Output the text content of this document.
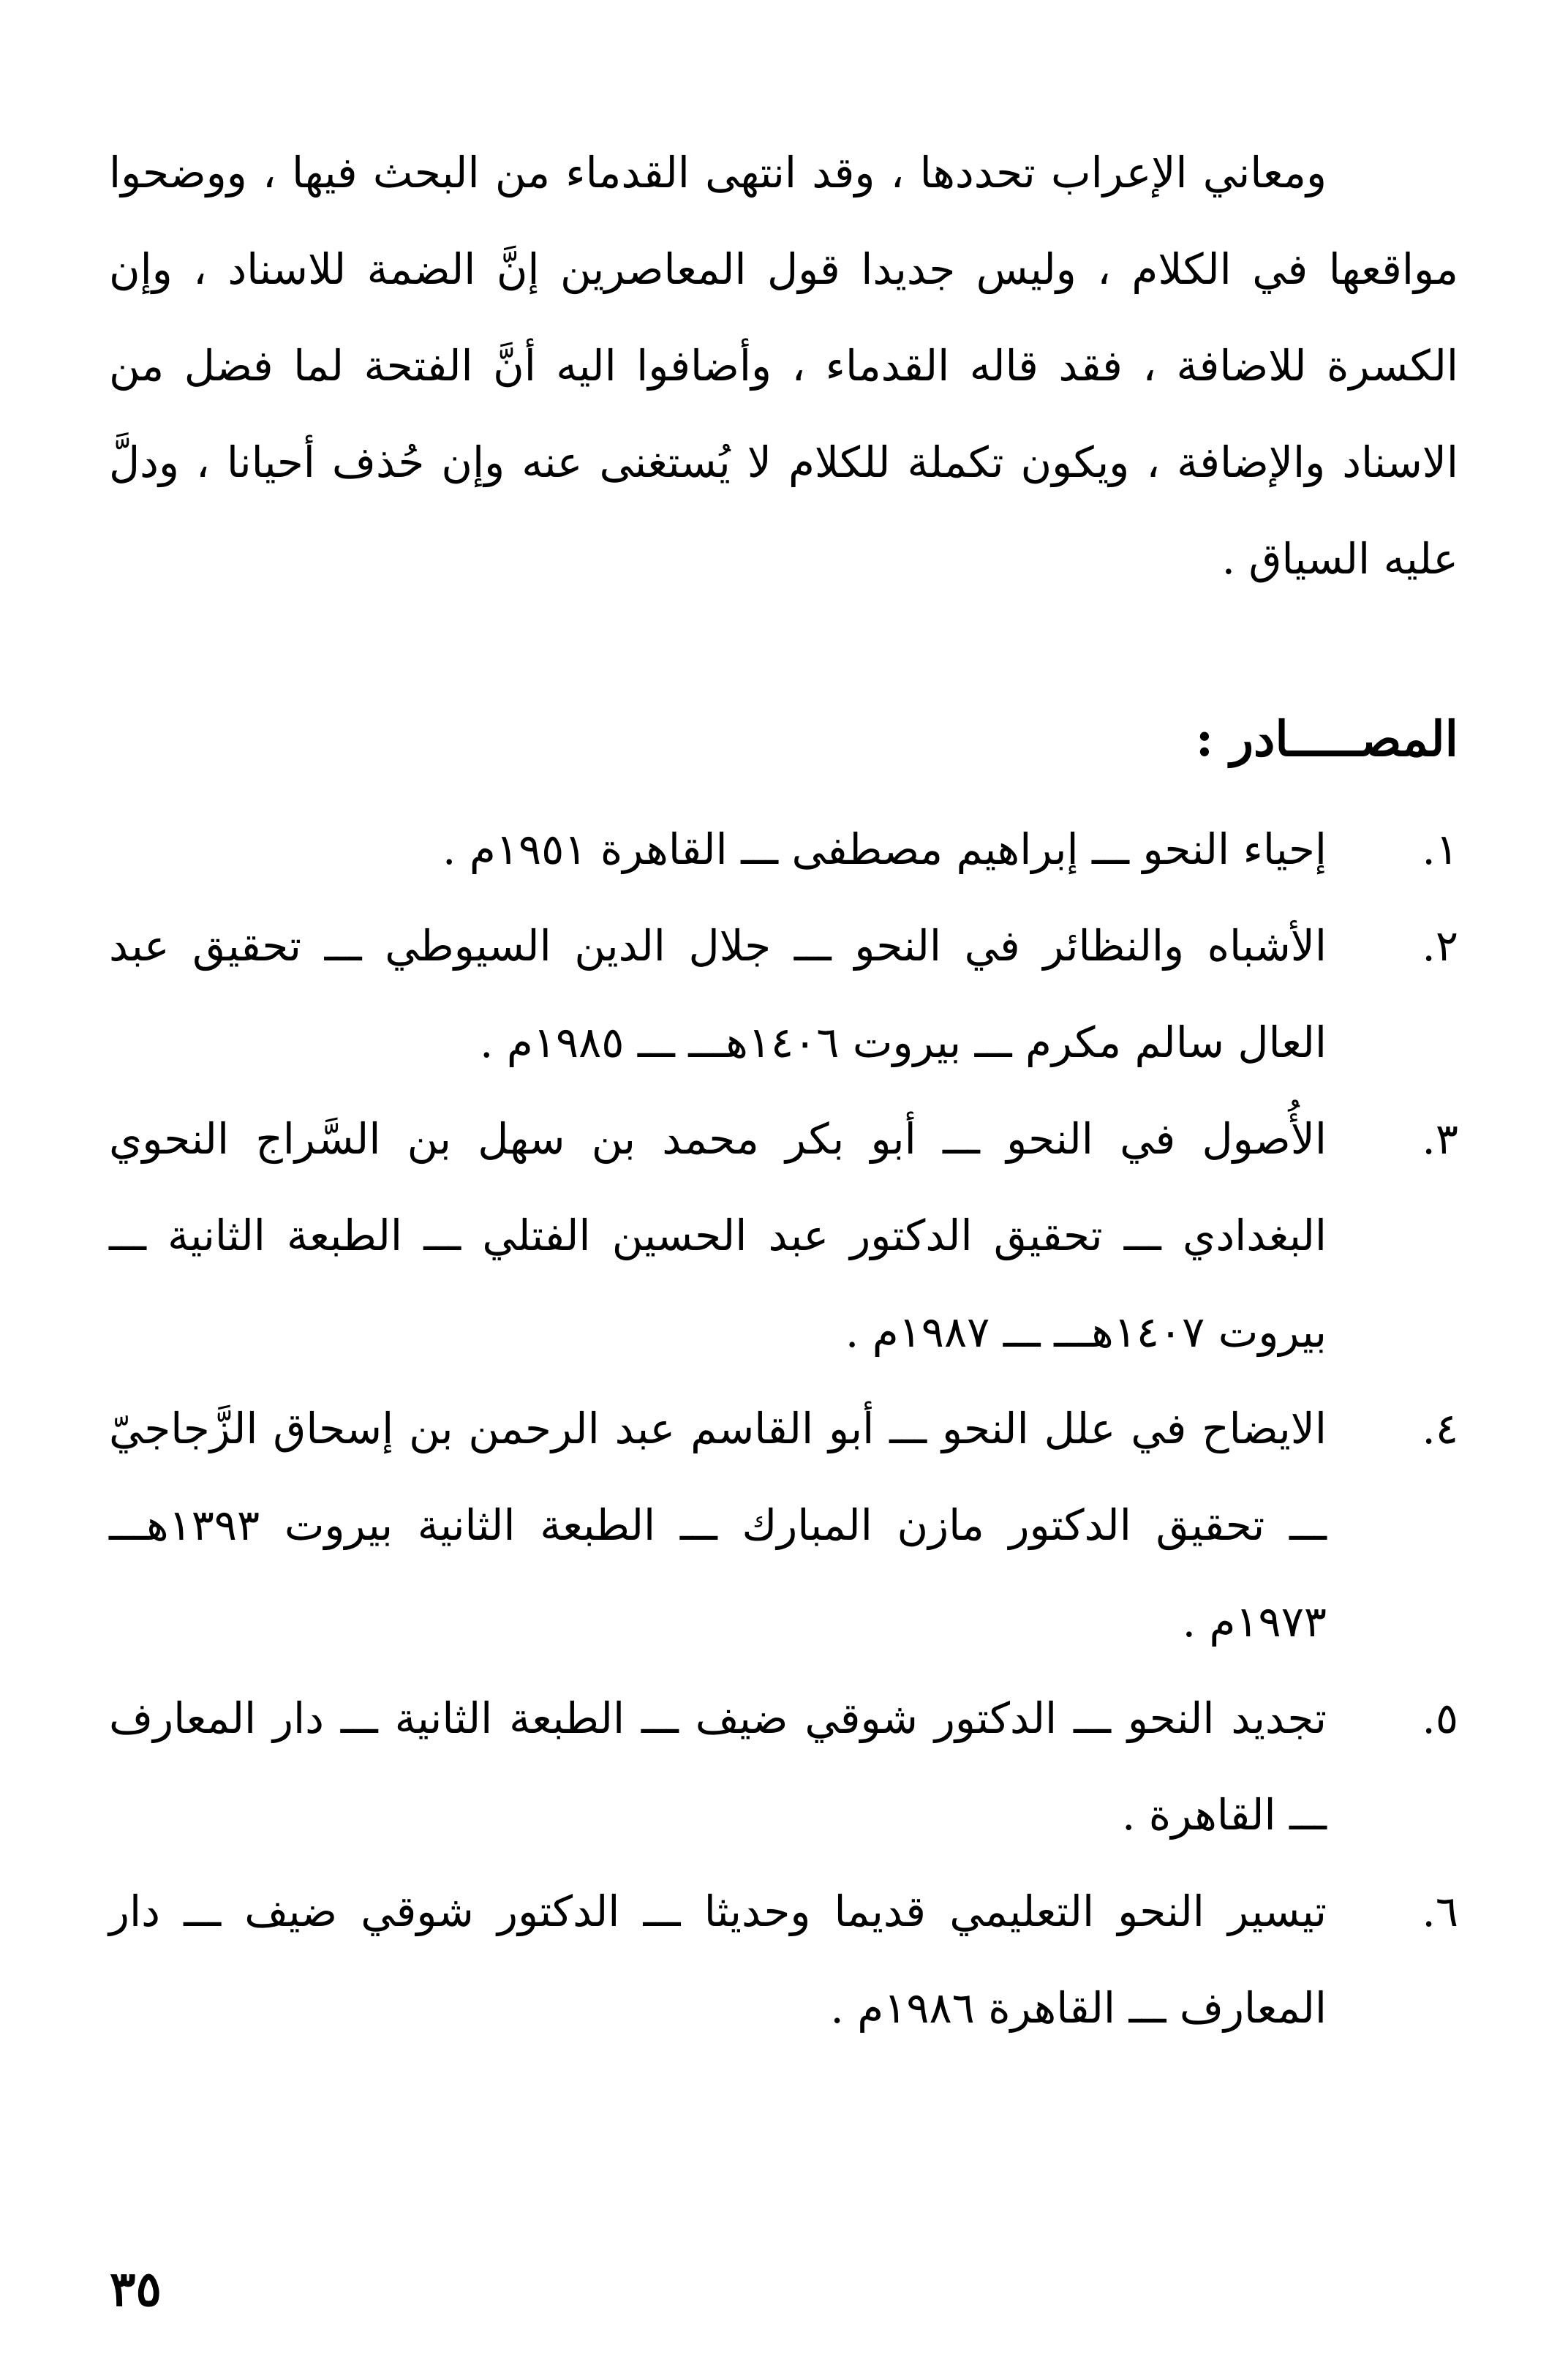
ومعاني الإعراب تحددها ، وقد انتهى القدماء من البحث فيها ، ووضحوا مواقعها في الكلام ، وليس جديدا قول المعاصرين إنَّ الضمة للاسناد ، وإن الكسرة للاضافة ، فقد قاله القدماء ، وأضافوا اليه أنَّ الفتحة لما فضل من الاسناد والإضافة ، ويكون تكملة للكلام لا يُستغنى عنه وإن حُذف أحيانا ، ودلَّ عليه السياق .

المصـــــادر :
١.
إحياء النحو ـــ إبراهيم مصطفى ـــ القاهرة ١٩٥١م .
٢.
الأشباه والنظائر في النحو ـــ جلال الدين السيوطي ـــ تحقيق عبد العال سالم مكرم ـــ بيروت ١٤٠٦هـــ ـــ ١٩٨٥م .
٣.
الأُصول في النحو ـــ أبو بكر محمد بن سهل بن السَّراج النحوي البغدادي ـــ تحقيق الدكتور عبد الحسين الفتلي ـــ الطبعة الثانية ـــ بيروت ١٤٠٧هـــ ـــ ١٩٨٧م .
٤.
الايضاح في علل النحو ـــ أبو القاسم عبد الرحمن بن إسحاق الزَّجاجيّ ـــ تحقيق الدكتور مازن المبارك ـــ الطبعة الثانية بيروت ١٣٩٣هـــ ١٩٧٣م .
٥.
تجديد النحو ـــ الدكتور شوقي ضيف ـــ الطبعة الثانية ـــ دار المعارف ـــ القاهرة .
٦.
تيسير النحو التعليمي قديما وحديثا ـــ الدكتور شوقي ضيف ـــ دار المعارف ـــ القاهرة ١٩٨٦م .
٣٥
